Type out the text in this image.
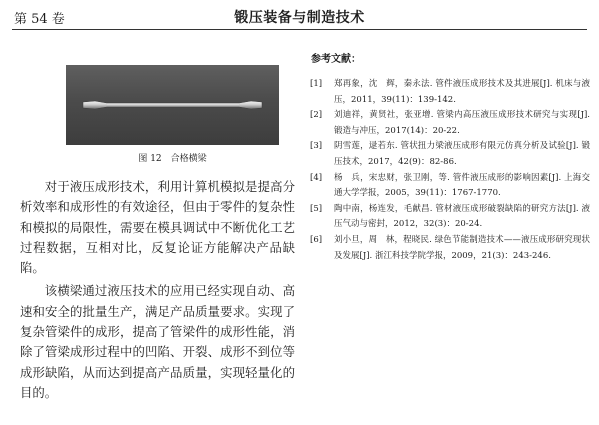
第 54 卷	锻压装备与制造技术
图 12　合格横梁

对于液压成形技术，利用计算机模拟是提高分析效率和成形性的有效途径，但由于零件的复杂性和模拟的局限性，需要在模具调试中不断优化工艺过程数据，互相对比，反复论证方能解决产品缺陷。

该横梁通过液压技术的应用已经实现自动、高速和安全的批量生产，满足产品质量要求。实现了复杂管梁件的成形，提高了管梁件的成形性能，消除了管梁成形过程中的凹陷、开裂、成形不到位等成形缺陷，从而达到提高产品质量，实现轻量化的目的。

参考文献：
[1]	郑再象，沈　辉，秦永法. 管件液压成形技术及其进展[J]. 机床与液压，2011，39(11)：139-142.
[2]	刘迪祥，黄贤社，张亚增. 管梁内高压液压成形技术研究与实现[J]. 锻造与冲压，2017(14)：20-22.
[3]	阴雪莲，逯若东. 管状扭力梁液压成形有限元仿真分析及试验[J]. 锻压技术，2017，42(9)：82-86.
[4]	杨　兵，宋忠财，张卫刚，等. 管件液压成形的影响因素[J]. 上海交通大学学报，2005，39(11)：1767-1770.
[5]	陶中南，杨连发，毛献昌. 管材液压成形破裂缺陷的研究方法[J]. 液压气动与密封，2012，32(3)：20-24.
[6]	刘小旦，周　林，程晓民. 绿色节能制造技术——液压成形研究现状及发展[J]. 浙江科技学院学报，2009，21(3)：243-246.
